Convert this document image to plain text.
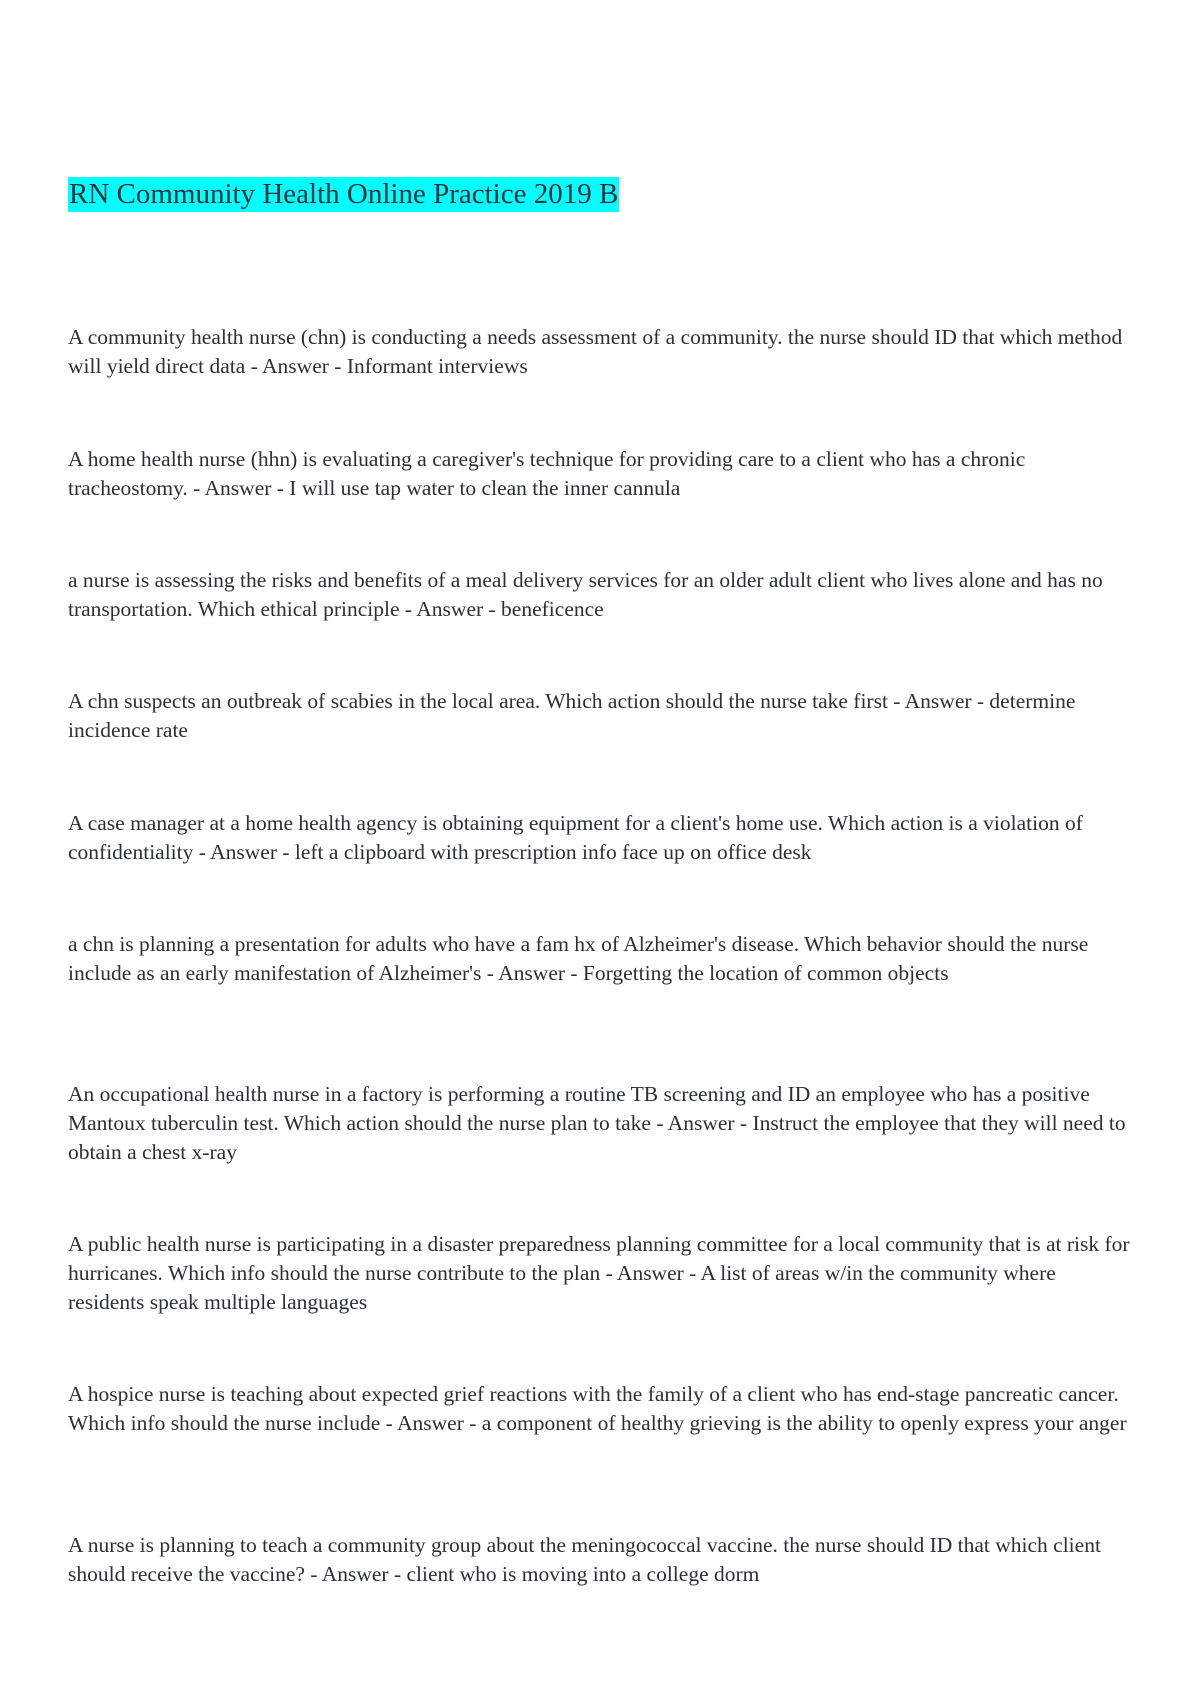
RN Community Health Online Practice 2019 B

A community health nurse (chn) is conducting a needs assessment of a community. the nurse should ID that which method will yield direct data - Answer - Informant interviews

A home health nurse (hhn) is evaluating a caregiver's technique for providing care to a client who has a chronic tracheostomy. - Answer - I will use tap water to clean the inner cannula

a nurse is assessing the risks and benefits of a meal delivery services for an older adult client who lives alone and has no transportation. Which ethical principle - Answer - beneficence

A chn suspects an outbreak of scabies in the local area. Which action should the nurse take first - Answer - determine incidence rate

A case manager at a home health agency is obtaining equipment for a client's home use. Which action is a violation of confidentiality - Answer - left a clipboard with prescription info face up on office desk

a chn is planning a presentation for adults who have a fam hx of Alzheimer's disease. Which behavior should the nurse include as an early manifestation of Alzheimer's - Answer - Forgetting the location of common objects

An occupational health nurse in a factory is performing a routine TB screening and ID an employee who has a positive Mantoux tuberculin test. Which action should the nurse plan to take - Answer - Instruct the employee that they will need to obtain a chest x-ray

A public health nurse is participating in a disaster preparedness planning committee for a local community that is at risk for hurricanes. Which info should the nurse contribute to the plan - Answer - A list of areas w/in the community where residents speak multiple languages

A hospice nurse is teaching about expected grief reactions with the family of a client who has end-stage pancreatic cancer. Which info should the nurse include - Answer - a component of healthy grieving is the ability to openly express your anger

A nurse is planning to teach a community group about the meningococcal vaccine. the nurse should ID that which client should receive the vaccine? - Answer - client who is moving into a college dorm
